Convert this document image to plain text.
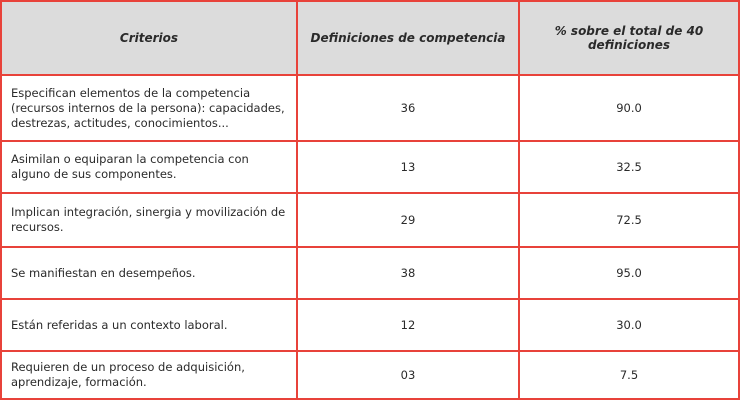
Criterios	Definiciones de competencia	% sobre el total de 40 definiciones
Especifican elementos de la competencia (recursos internos de la persona): capacidades, destrezas, actitudes, conocimientos...	36	90.0
Asimilan o equiparan la competencia con alguno de sus componentes.	13	32.5
Implican integración, sinergia y movilización de recursos.	29	72.5
Se manifiestan en desempeños.	38	95.0
Están referidas a un contexto laboral.	12	30.0
Requieren de un proceso de adquisición, aprendizaje, formación.	03	7.5
